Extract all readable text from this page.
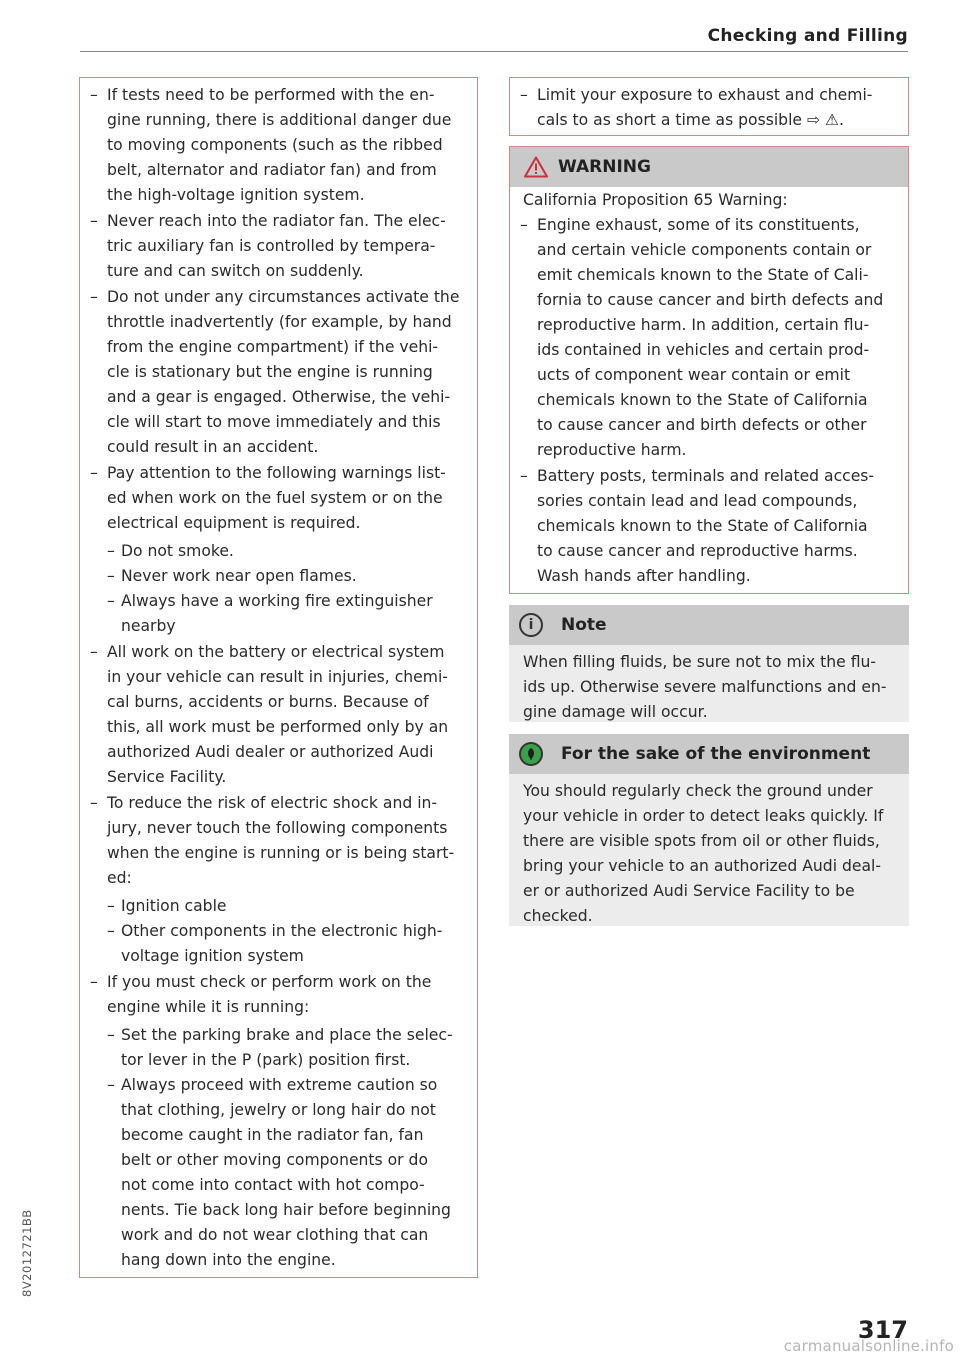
Checking and Filling
– If tests need to be performed with the en-
gine running, there is additional danger due
to moving components (such as the ribbed
belt, alternator and radiator fan) and from
the high-voltage ignition system.
– Never reach into the radiator fan. The elec-
tric auxiliary fan is controlled by tempera-
ture and can switch on suddenly.
– Do not under any circumstances activate the
throttle inadvertently (for example, by hand
from the engine compartment) if the vehi-
cle is stationary but the engine is running
and a gear is engaged. Otherwise, the vehi-
cle will start to move immediately and this
could result in an accident.
– Pay attention to the following warnings list-
ed when work on the fuel system or on the
electrical equipment is required.
– Do not smoke.
– Never work near open flames.
– Always have a working fire extinguisher
nearby
– All work on the battery or electrical system
in your vehicle can result in injuries, chemi-
cal burns, accidents or burns. Because of
this, all work must be performed only by an
authorized Audi dealer or authorized Audi
Service Facility.
– To reduce the risk of electric shock and in-
jury, never touch the following components
when the engine is running or is being start-
ed:
– Ignition cable
– Other components in the electronic high-
voltage ignition system
– If you must check or perform work on the
engine while it is running:
– Set the parking brake and place the selec-
tor lever in the P (park) position first.
– Always proceed with extreme caution so
that clothing, jewelry or long hair do not
become caught in the radiator fan, fan
belt or other moving components or do
not come into contact with hot compo-
nents. Tie back long hair before beginning
work and do not wear clothing that can
hang down into the engine.
– Limit your exposure to exhaust and chemi-
cals to as short a time as possible ⇨ ⚠.
WARNING
California Proposition 65 Warning:
– Engine exhaust, some of its constituents,
and certain vehicle components contain or
emit chemicals known to the State of Cali-
fornia to cause cancer and birth defects and
reproductive harm. In addition, certain flu-
ids contained in vehicles and certain prod-
ucts of component wear contain or emit
chemicals known to the State of California
to cause cancer and birth defects or other
reproductive harm.
– Battery posts, terminals and related acces-
sories contain lead and lead compounds,
chemicals known to the State of California
to cause cancer and reproductive harms.
Wash hands after handling.
i	Note
When filling fluids, be sure not to mix the flu-
ids up. Otherwise severe malfunctions and en-
gine damage will occur.
For the sake of the environment
You should regularly check the ground under
your vehicle in order to detect leaks quickly. If
there are visible spots from oil or other fluids,
bring your vehicle to an authorized Audi deal-
er or authorized Audi Service Facility to be
checked.
8V2012721BB
317
carmanualsonline.info
